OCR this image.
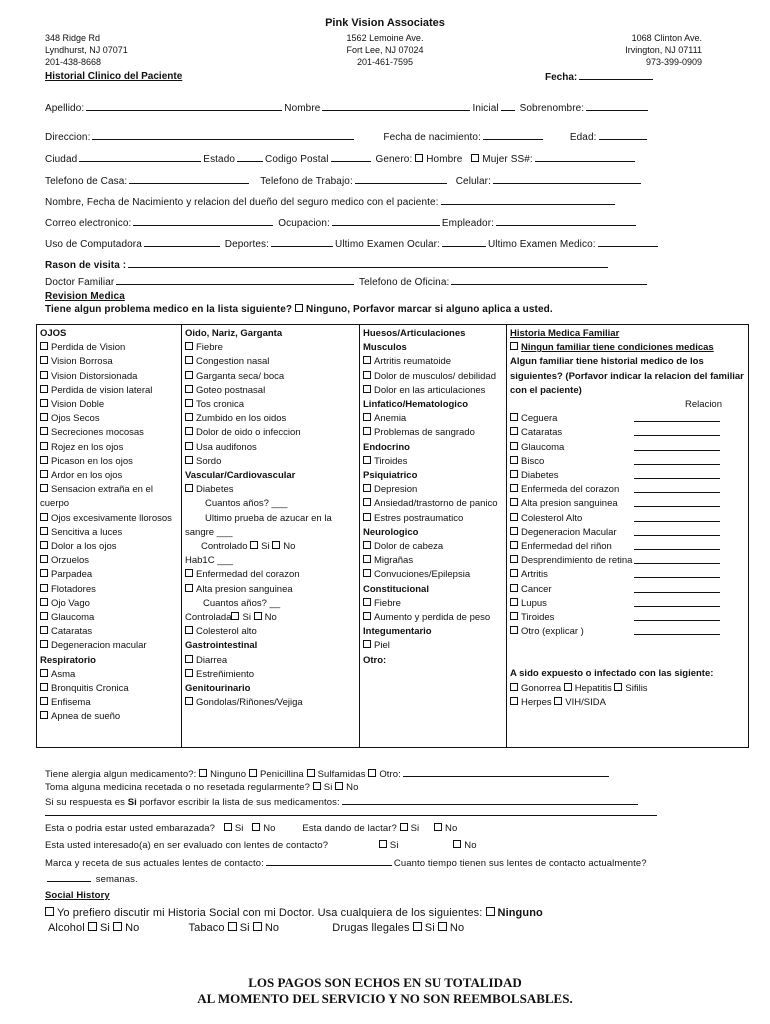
Pink Vision Associates
348 Ridge Rd
Lyndhurst, NJ 07071
201-438-8668
1562 Lemoine Ave.
Fort Lee, NJ 07024
201-461-7595
1068 Clinton Ave.
Irvington, NJ 07111
973-399-0909
Historial Clinico del Paciente	Fecha:
Apellido:	Nombre	Inicial Sobrenombre:
Direccion:	Fecha de nacimiento:	Edad:
Ciudad	Estado	Codigo Postal	Genero: Hombre Mujer SS#:
Telefono de Casa:	Telefono de Trabajo:	Celular:
Nombre, Fecha de Nacimiento y relacion del dueño del seguro medico con el paciente:
Correo electronico:	Ocupacion:	Empleador:
Uso de Computadora	Deportes:	Ultimo Examen Ocular:	Ultimo Examen Medico:
Rason de visita :
Doctor Familiar	Telefono de Oficina:
Revision Medica
Tiene algun problema medico en la lista siguiente? Ninguno, Porfavor marcar si alguno aplica a usted.
OJOS
Perdida de Vision
Vision Borrosa
Vision Distorsionada
Perdida de vision lateral
Vision Doble
Ojos Secos
Secreciones mocosas
Rojez en los ojos
Picason en los ojos
Ardor en los ojos
Sensacion extraña en el cuerpo
Ojos excesivamente llorosos
Sencitiva a luces
Dolor a los ojos
Orzuelos
Parpadea
Flotadores
Ojo Vago
Glaucoma
Cataratas
Degeneracion macular
Respiratorio
Asma
Bronquitis Cronica
Enfisema
Apnea de sueño
Oido, Nariz, Garganta
Fiebre
Congestion nasal
Garganta seca/ boca
Goteo postnasal
Tos cronica
Zumbido en los oidos
Dolor de oido o infeccion
Usa audifonos
Sordo
Vascular/Cardiovascular
Diabetes
Cuantos años? ___
Ultimo prueba de azucar en la sangre ___
Controlado Si No
Hab1C ___
Enfermedad del corazon
Alta presion sanguinea
Cuantos años? __
Controlada Si No
Colesterol alto
Gastrointestinal
Diarrea
Estreñimiento
Genitourinario
Gondolas/Riñones/Vejiga
Huesos/Articulaciones
Musculos
Artritis reumatoide
Dolor de musculos/ debilidad
Dolor en las articulaciones
Linfatico/Hematologico
Anemia
Problemas de sangrado
Endocrino
Tiroides
Psiquiatrico
Depresion
Ansiedad/trastorno de panico
Estres postraumatico
Neurologico
Dolor de cabeza
Migrañas
Convuciones/Epilepsia
Constitucional
Fiebre
Aumento y perdida de peso
Integumentario
Piel
Otro:
Historia Medica Familiar
Ningun familiar tiene condiciones medicas
Algun familiar tiene historial medico de los siguientes? (Porfavor indicar la relacion del familiar con el paciente)
Relacion
Ceguera
Cataratas
Glaucoma
Bisco
Diabetes
Enfermeda del corazon
Alta presion sanguinea
Colesterol Alto
Degeneracion Macular
Enfermedad del riñon
Desprendimiento de retina
Artritis
Cancer
Lupus
Tiroides
Otro (explicar )
A sido expuesto o infectado con las sigiente:
Gonorrea Hepatitis Sifilis
Herpes VIH/SIDA
Tiene alergia algun medicamento?: Ninguno Penicillina Sulfamidas Otro:
Toma alguna medicina recetada o no resetada regularmente? Si No
Si su respuesta es Si porfavor escribir la lista de sus medicamentos:
Esta o podria estar usted embarazada? Si No	Esta dando de lactar? Si	No
Esta usted interesado(a) en ser evaluado con lentes de contacto?	Si	No
Marca y receta de sus actuales lentes de contacto:	Cuanto tiempo tienen sus lentes de contacto actualmente?
semanas.
Social History
Yo prefiero discutir mi Historia Social con mi Doctor. Usa cualquiera de los siguientes: Ninguno
Alcohol Si No	Tabaco Si No	Drugas llegales Si No
LOS PAGOS SON ECHOS EN SU TOTALIDAD
AL MOMENTO DEL SERVICIO Y NO SON REEMBOLSABLES.
